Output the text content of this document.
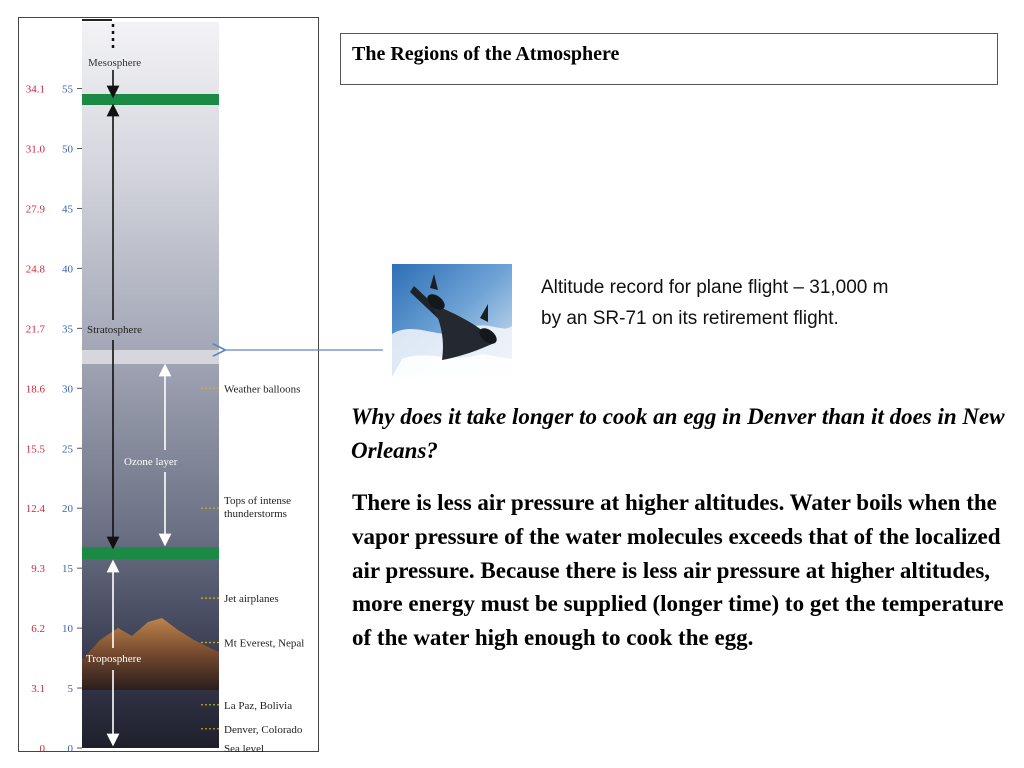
34.1
31.0
27.9
24.8
21.7
18.6
15.5
12.4
9.3
6.2
3.1
0
55
50
45
40
35
30
25
20
15
10
5
0
Mesosphere
Stratosphere
Ozone layer
Troposphere
Weather balloons
Tops of intense thunderstorms
Jet airplanes
Mt Everest, Nepal
La Paz, Bolivia
Denver, Colorado
Sea level
The Regions of the Atmosphere
Altitude record for plane flight – 31,000 m by an SR-71 on its retirement flight.
Why does it take longer to cook an egg in Denver than it does in New Orleans?
There is less air pressure at higher altitudes. Water boils when the vapor pressure of the water molecules exceeds that of the localized air pressure. Because there is less air pressure at higher altitudes, more energy must be supplied (longer time) to get the temperature of the water high enough to cook the egg.
